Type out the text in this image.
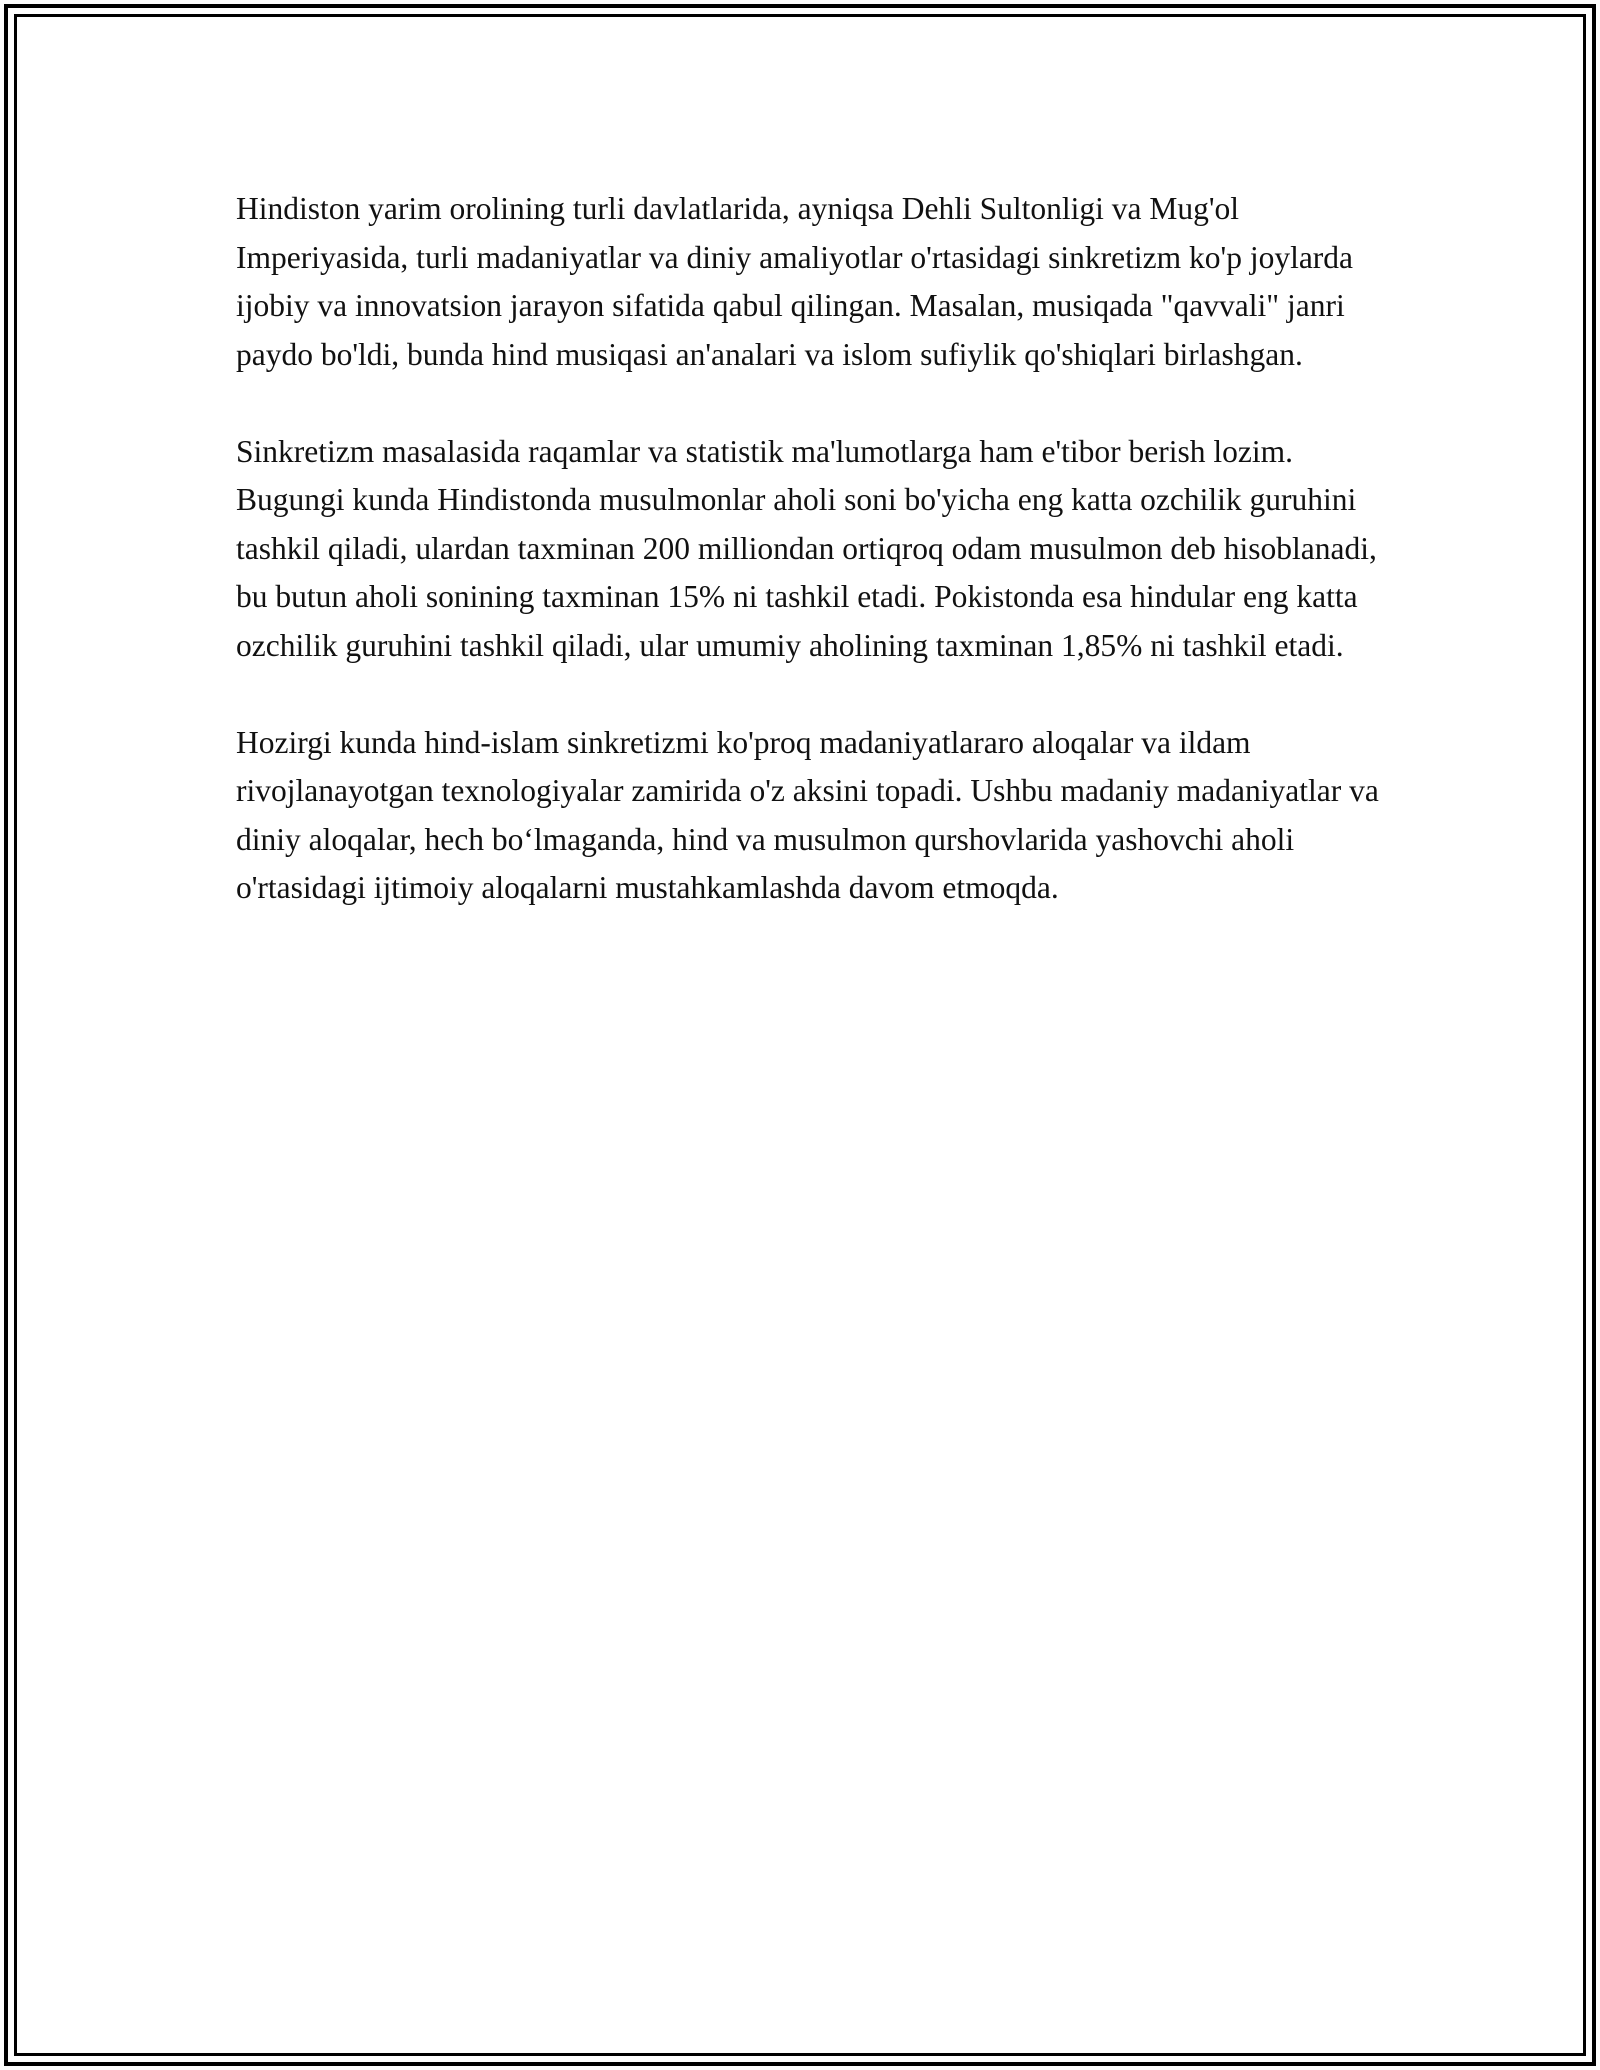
Hindiston yarim orolining turli davlatlarida, ayniqsa Dehli Sultonligi va Mug'ol Imperiyasida, turli madaniyatlar va diniy amaliyotlar o'rtasidagi sinkretizm ko'p joylarda ijobiy va innovatsion jarayon sifatida qabul qilingan. Masalan, musiqada "qavvali" janri paydo bo'ldi, bunda hind musiqasi an'analari va islom sufiylik qo'shiqlari birlashgan.

Sinkretizm masalasida raqamlar va statistik ma'lumotlarga ham e'tibor berish lozim. Bugungi kunda Hindistonda musulmonlar aholi soni bo'yicha eng katta ozchilik guruhini tashkil qiladi, ulardan taxminan 200 milliondan ortiqroq odam musulmon deb hisoblanadi, bu butun aholi sonining taxminan 15% ni tashkil etadi. Pokistonda esa hindular eng katta ozchilik guruhini tashkil qiladi, ular umumiy aholining taxminan 1,85% ni tashkil etadi.

Hozirgi kunda hind-islam sinkretizmi ko'proq madaniyatlararo aloqalar va ildam rivojlanayotgan texnologiyalar zamirida o'z aksini topadi. Ushbu madaniy madaniyatlar va diniy aloqalar, hech bo‘lmaganda, hind va musulmon qurshovlarida yashovchi aholi o'rtasidagi ijtimoiy aloqalarni mustahkamlashda davom etmoqda.
